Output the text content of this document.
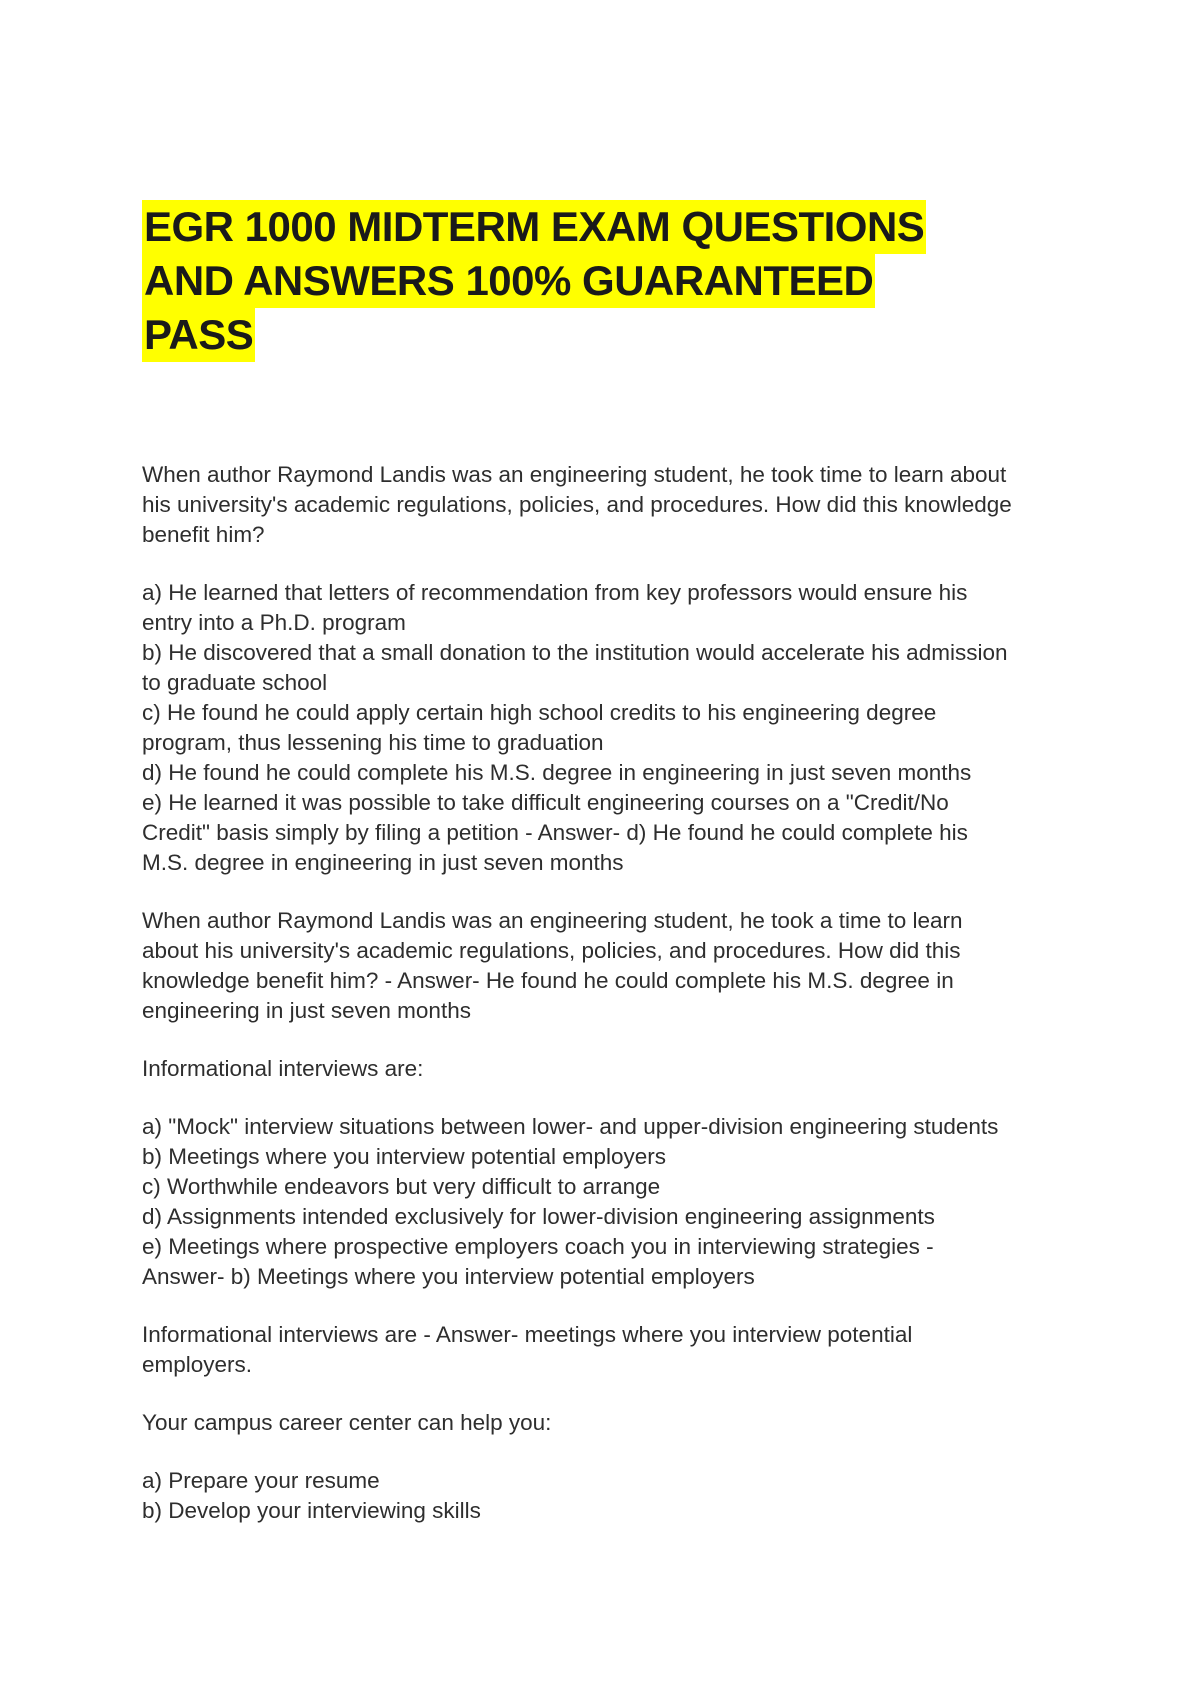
EGR 1000 MIDTERM EXAM QUESTIONS
AND ANSWERS 100% GUARANTEED
PASS

When author Raymond Landis was an engineering student, he took time to learn about
his university's academic regulations, policies, and procedures. How did this knowledge
benefit him?

a) He learned that letters of recommendation from key professors would ensure his
entry into a Ph.D. program
b) He discovered that a small donation to the institution would accelerate his admission
to graduate school
c) He found he could apply certain high school credits to his engineering degree
program, thus lessening his time to graduation
d) He found he could complete his M.S. degree in engineering in just seven months
e) He learned it was possible to take difficult engineering courses on a "Credit/No
Credit" basis simply by filing a petition - Answer- d) He found he could complete his
M.S. degree in engineering in just seven months

When author Raymond Landis was an engineering student, he took a time to learn
about his university's academic regulations, policies, and procedures. How did this
knowledge benefit him? - Answer- He found he could complete his M.S. degree in
engineering in just seven months

Informational interviews are:

a) "Mock" interview situations between lower- and upper-division engineering students
b) Meetings where you interview potential employers
c) Worthwhile endeavors but very difficult to arrange
d) Assignments intended exclusively for lower-division engineering assignments
e) Meetings where prospective employers coach you in interviewing strategies -
Answer- b) Meetings where you interview potential employers

Informational interviews are - Answer- meetings where you interview potential
employers.

Your campus career center can help you:

a) Prepare your resume
b) Develop your interviewing skills
